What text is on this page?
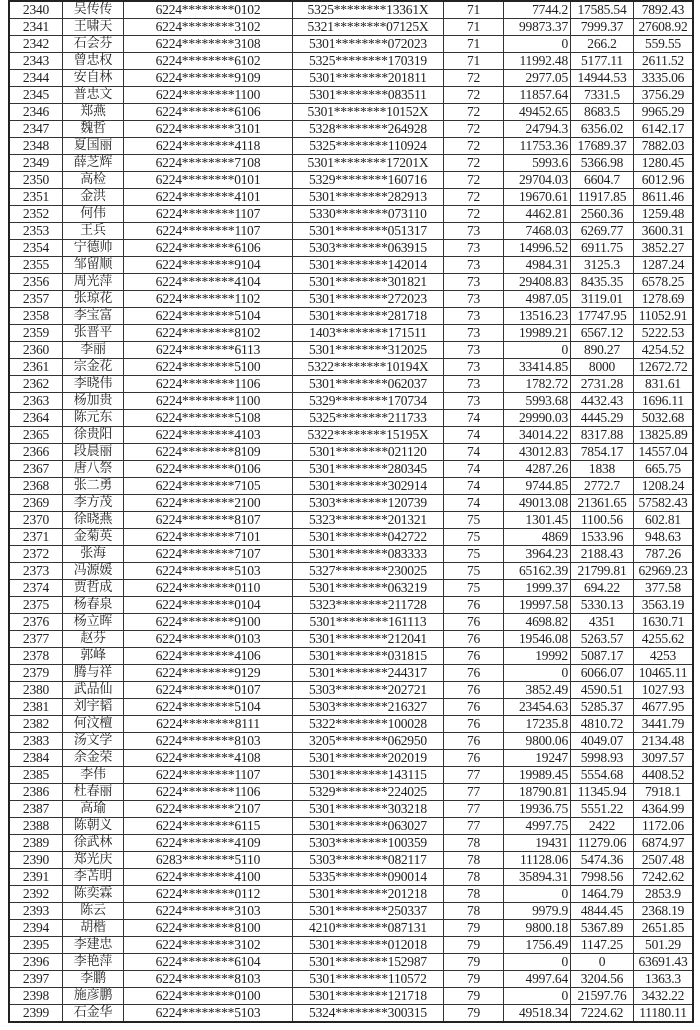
2340	吴传传	6224********0102	5325********13361X	71	7744.2	17585.54	7892.43
2341	王啸天	6224********3102	5321********07125X	71	99873.37	7999.37	27608.92
2342	石会芬	6224********3108	5301********072023	71	0	266.2	559.55
2343	曾忠权	6224********6102	5325********170319	71	11992.48	5177.11	2611.52
2344	安自林	6224********9109	5301********201811	72	2977.05	14944.53	3335.06
2345	普忠文	6224********1100	5301********083511	72	11857.64	7331.5	3756.29
2346	郑燕	6224********6106	5301********10152X	72	49452.65	8683.5	9965.29
2347	魏哲	6224********3101	5328********264928	72	24794.3	6356.02	6142.17
2348	夏国丽	6224********4118	5325********110924	72	11753.36	17689.37	7882.03
2349	薛芝辉	6224********7108	5301********17201X	72	5993.6	5366.98	1280.45
2350	高检	6224********0101	5329********160716	72	29704.03	6604.7	6012.96
2351	金洪	6224********4101	5301********282913	72	19670.61	11917.85	8611.46
2352	何伟	6224********1107	5330********073110	72	4462.81	2560.36	1259.48
2353	王兵	6224********1107	5301********051317	73	7468.03	6269.77	3600.31
2354	宁德帅	6224********6106	5303********063915	73	14996.52	6911.75	3852.27
2355	邹留顺	6224********9104	5301********142014	73	4984.31	3125.3	1287.24
2356	周光萍	6224********4104	5301********301821	73	29408.83	8435.35	6578.25
2357	张琼花	6224********1102	5301********272023	73	4987.05	3119.01	1278.69
2358	李宝富	6224********5104	5301********281718	73	13516.23	17747.95	11052.91
2359	张晋平	6224********8102	1403********171511	73	19989.21	6567.12	5222.53
2360	李丽	6224********6113	5301********312025	73	0	890.27	4254.52
2361	宗金花	6224********5100	5322********10194X	73	33414.85	8000	12672.72
2362	李晓伟	6224********1106	5301********062037	73	1782.72	2731.28	831.61
2363	杨加贵	6224********1100	5329********170734	73	5993.68	4432.43	1696.11
2364	陈元东	6224********5108	5325********211733	74	29990.03	4445.29	5032.68
2365	徐贵阳	6224********4103	5322********15195X	74	34014.22	8317.88	13825.89
2366	段晨丽	6224********8109	5301********021120	74	43012.83	7854.17	14557.04
2367	唐八祭	6224********0106	5301********280345	74	4287.26	1838	665.75
2368	张二勇	6224********7105	5301********302914	74	9744.85	2772.7	1208.24
2369	李方茂	6224********2100	5303********120739	74	49013.08	21361.65	57582.43
2370	徐晓燕	6224********8107	5323********201321	75	1301.45	1100.56	602.81
2371	金菊英	6224********7101	5301********042722	75	4869	1533.96	948.63
2372	张海	6224********7107	5301********083333	75	3964.23	2188.43	787.26
2373	冯源媛	6224********5103	5327********230025	75	65162.39	21799.81	62969.23
2374	贾哲成	6224********0110	5301********063219	75	1999.37	694.22	377.58
2375	杨春泉	6224********0104	5323********211728	76	19997.58	5330.13	3563.19
2376	杨立晖	6224********9100	5301********161113	76	4698.82	4351	1630.71
2377	赵芬	6224********0103	5301********212041	76	19546.08	5263.57	4255.62
2378	郭峰	6224********4106	5301********031815	76	19992	5087.17	4253
2379	腾与祥	6224********9129	5301********244317	76	0	6066.07	10465.11
2380	武品仙	6224********0107	5303********202721	76	3852.49	4590.51	1027.93
2381	刘宇韬	6224********5104	5303********216327	76	23454.63	5285.37	4677.95
2382	何汶檀	6224********8111	5322********100028	76	17235.8	4810.72	3441.79
2383	汤文学	6224********8103	3205********062950	76	9800.06	4049.07	2134.48
2384	余金荣	6224********4108	5301********202019	76	19247	5998.93	3097.57
2385	李伟	6224********1107	5301********143115	77	19989.45	5554.68	4408.52
2386	杜春丽	6224********1106	5329********224025	77	18790.81	11345.94	7918.1
2387	高瑜	6224********2107	5301********303218	77	19936.75	5551.22	4364.99
2388	陈朝义	6224********6115	5301********063027	77	4997.75	2422	1172.06
2389	徐武林	6224********4109	5303********100359	78	19431	11279.06	6874.97
2390	郑光庆	6283********5110	5303********082117	78	11128.06	5474.36	2507.48
2391	李苫明	6224********4100	5335********090014	78	35894.31	7998.56	7242.62
2392	陈奕霖	6224********0112	5301********201218	78	0	1464.79	2853.9
2393	陈云	6224********3103	5301********250337	78	9979.9	4844.45	2368.19
2394	胡楷	6224********8100	4210********087131	79	9800.18	5367.89	2651.85
2395	李建忠	6224********3102	5301********012018	79	1756.49	1147.25	501.29
2396	李艳萍	6224********6104	5301********152987	79	0	0	63691.43
2397	李鹏	6224********8103	5301********110572	79	4997.64	3204.56	1363.3
2398	施彦鹏	6224********0100	5301********121718	79	0	21597.76	3432.22
2399	石金华	6224********5103	5324********300315	79	49518.34	7224.62	11180.11
